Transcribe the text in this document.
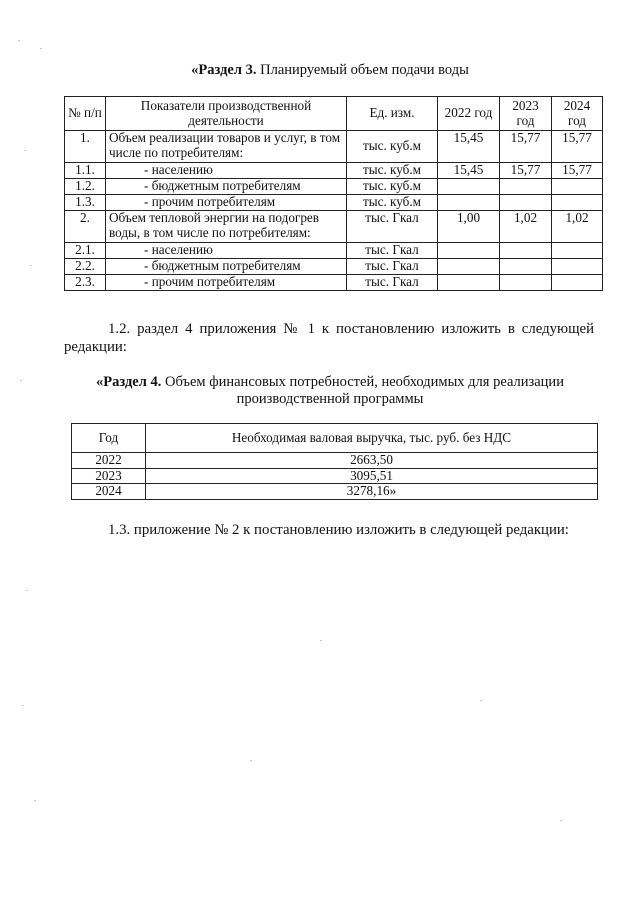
«Раздел 3. Планируемый объем подачи воды
№ п/п	Показатели производственной деятельности	Ед. изм.	2022 год	2023 год	2024 год
1.	Объем реализации товаров и услуг, в том числе по потребителям:	тыс. куб.м	15,45	15,77	15,77
1.1.	- населению	тыс. куб.м	15,45	15,77	15,77
1.2.	- бюджетным потребителям	тыс. куб.м			
1.3.	- прочим потребителям	тыс. куб.м			
2.	Объем тепловой энергии на подогрев воды, в том числе по потребителям:	тыс. Гкал	1,00	1,02	1,02
2.1.	- населению	тыс. Гкал			
2.2.	- бюджетным потребителям	тыс. Гкал			
2.3.	- прочим потребителям	тыс. Гкал			
1.2. раздел 4 приложения № 1 к постановлению изложить в следующей редакции:
«Раздел 4. Объем финансовых потребностей, необходимых для реализации
производственной программы
Год	Необходимая валовая выручка, тыс. руб. без НДС
2022	2663,50
2023	3095,51
2024	3278,16»
1.3. приложение № 2 к постановлению изложить в следующей редакции:
